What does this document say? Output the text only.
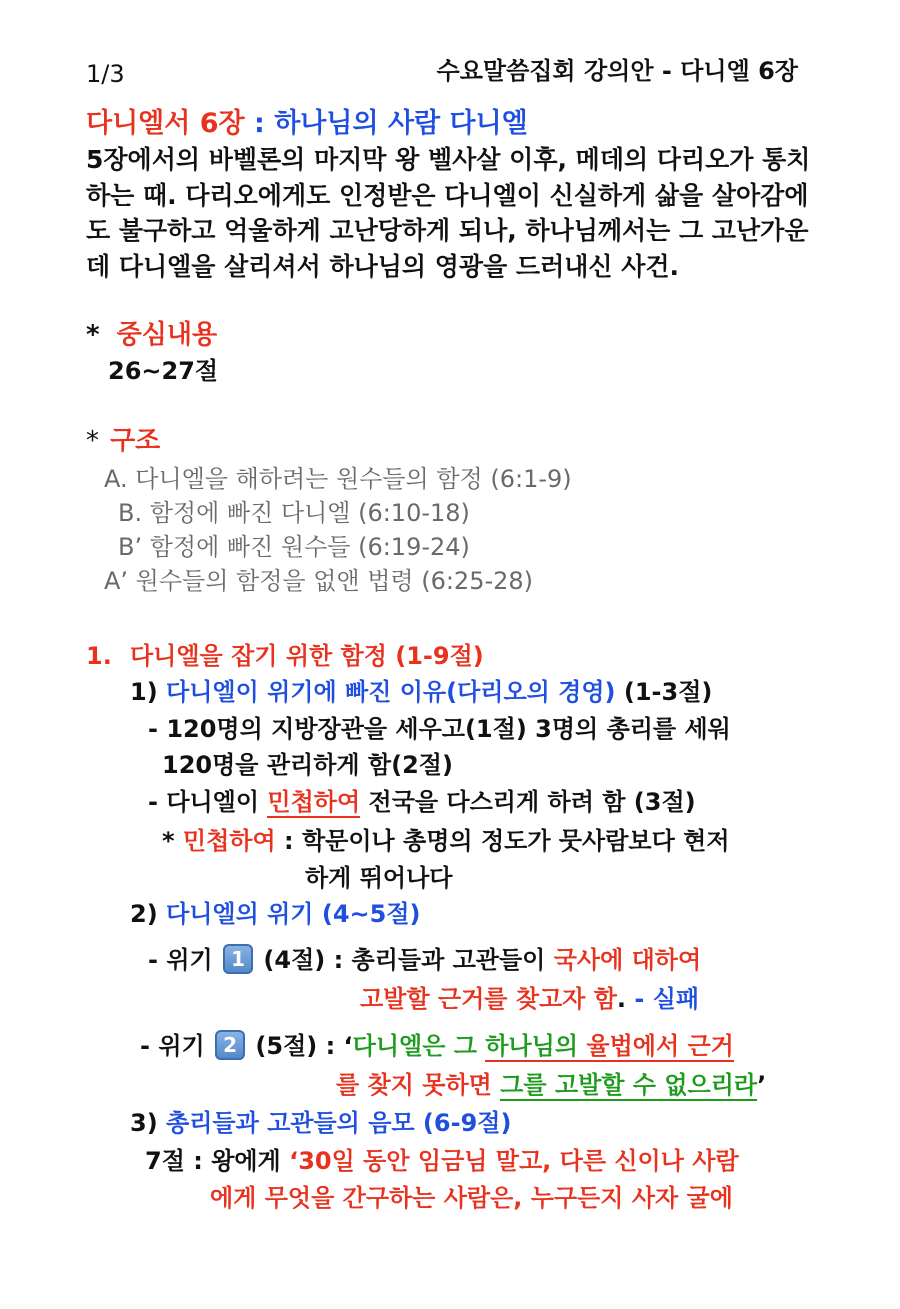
1/3	수요말씀집회 강의안 - 다니엘 6장
다니엘서 6장 : 하나님의 사람 다니엘
5장에서의 바벨론의 마지막 왕 벨사살 이후, 메데의 다리오가 통치
하는 때. 다리오에게도 인정받은 다니엘이 신실하게 삶을 살아감에
도 불구하고 억울하게 고난당하게 되나, 하나님께서는 그 고난가운
데 다니엘을 살리셔서 하나님의 영광을 드러내신 사건.
* 중심내용
26~27절
* 구조
A. 다니엘을 해하려는 원수들의 함정 (6:1-9)
B. 함정에 빠진 다니엘 (6:10-18)
B’ 함정에 빠진 원수들 (6:19-24)
A’ 원수들의 함정을 없앤 법령 (6:25-28)
1. 다니엘을 잡기 위한 함정 (1-9절)
1) 다니엘이 위기에 빠진 이유(다리오의 경영) (1-3절)
- 120명의 지방장관을 세우고(1절) 3명의 총리를 세워
120명을 관리하게 함(2절)
- 다니엘이 민첩하여 전국을 다스리게 하려 함 (3절)
* 민첩하여 : 학문이나 총명의 정도가 뭇사람보다 현저
하게 뛰어나다
2) 다니엘의 위기 (4~5절)
- 위기 1 (4절) : 총리들과 고관들이 국사에 대하여
고발할 근거를 찾고자 함. - 실패
- 위기 2 (5절) : ‘다니엘은 그 하나님의 율법에서 근거
를 찾지 못하면 그를 고발할 수 없으리라’
3) 총리들과 고관들의 음모 (6-9절)
7절 : 왕에게 ‘30일 동안 임금님 말고, 다른 신이나 사람
에게 무엇을 간구하는 사람은, 누구든지 사자 굴에
